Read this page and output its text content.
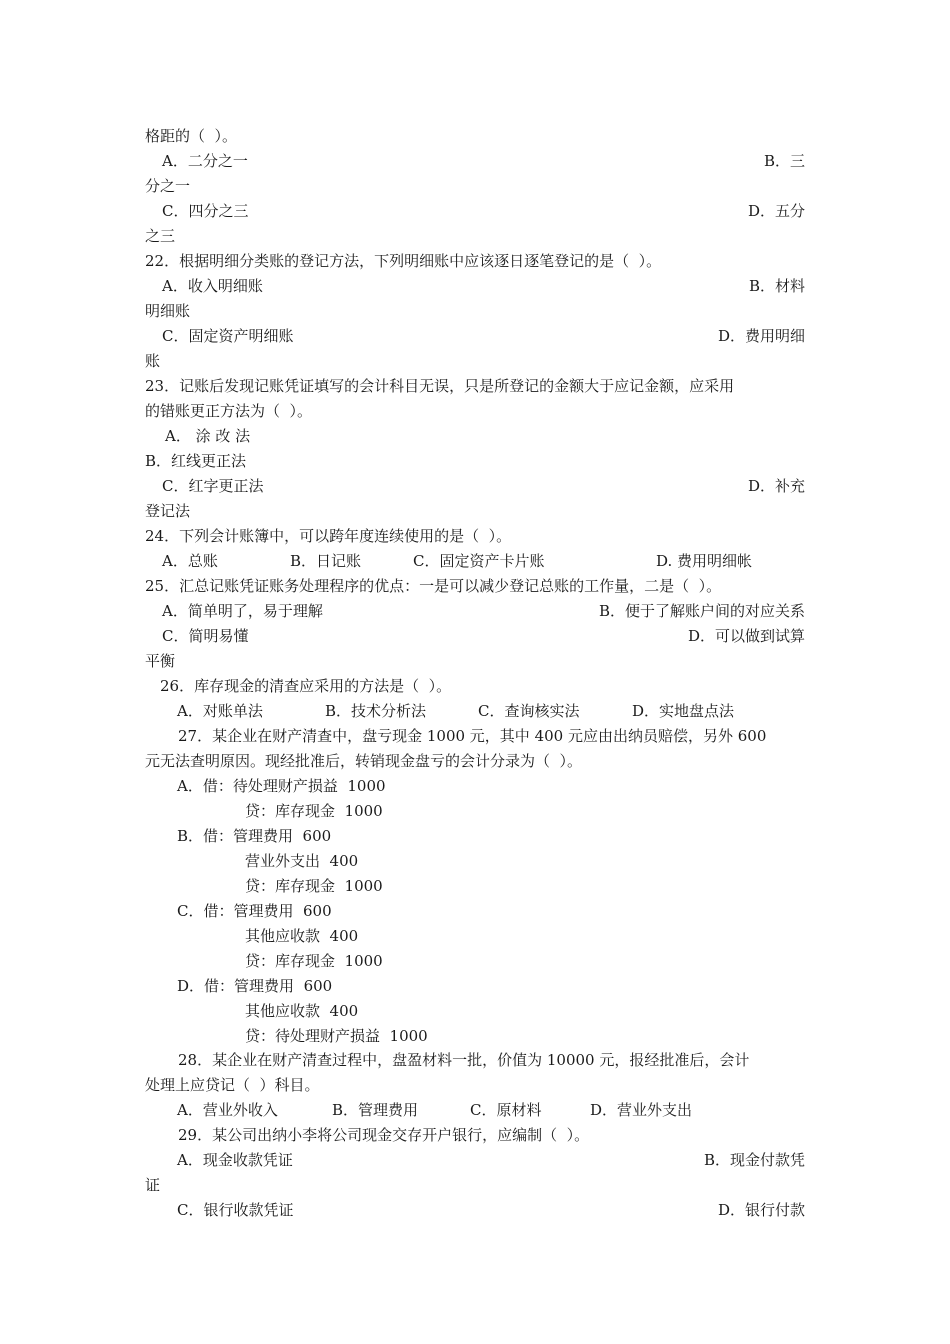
格距的（  ）。
A．二分之一	B．三
分之一
C．四分之三	D．五分
之三
22．根据明细分类账的登记方法，下列明细账中应该逐日逐笔登记的是（  ）。
A．收入明细账	B．材料
明细账
C．固定资产明细账	D．费用明细
账
23．记账后发现记账凭证填写的会计科目无误，只是所登记的金额大于应记金额，应采用
的错账更正方法为（  ）。
A． 涂 改 法
B．红线更正法
C．红字更正法	D．补充
登记法
24．下列会计账簿中，可以跨年度连续使用的是（  ）。
A．总账	B．日记账	C．固定资产卡片账	D. 费用明细帐
25．汇总记账凭证账务处理程序的优点：一是可以减少登记总账的工作量，二是（  ）。
A．简单明了，易于理解	B．便于了解账户间的对应关系
C．简明易懂	D．可以做到试算
平衡
26．库存现金的清查应采用的方法是（  ）。
A．对账单法	B．技术分析法	C．查询核实法	D．实地盘点法
27．某企业在财产清查中，盘亏现金 1000 元，其中 400 元应由出纳员赔偿，另外 600
元无法查明原因。现经批准后，转销现金盘亏的会计分录为（  ）。
A．借：待处理财产损益  1000
贷：库存现金  1000
B．借：管理费用  600
营业外支出  400
贷：库存现金  1000
C．借：管理费用  600
其他应收款  400
贷：库存现金  1000
D．借：管理费用  600
其他应收款  400
贷：待处理财产损益  1000
28．某企业在财产清查过程中，盘盈材料一批，价值为 10000 元，报经批准后，会计
处理上应贷记（  ）科目。
A．营业外收入	B．管理费用	C．原材料	D．营业外支出
29．某公司出纳小李将公司现金交存开户银行，应编制（  ）。
A．现金收款凭证	B．现金付款凭
证
C．银行收款凭证	D．银行付款
